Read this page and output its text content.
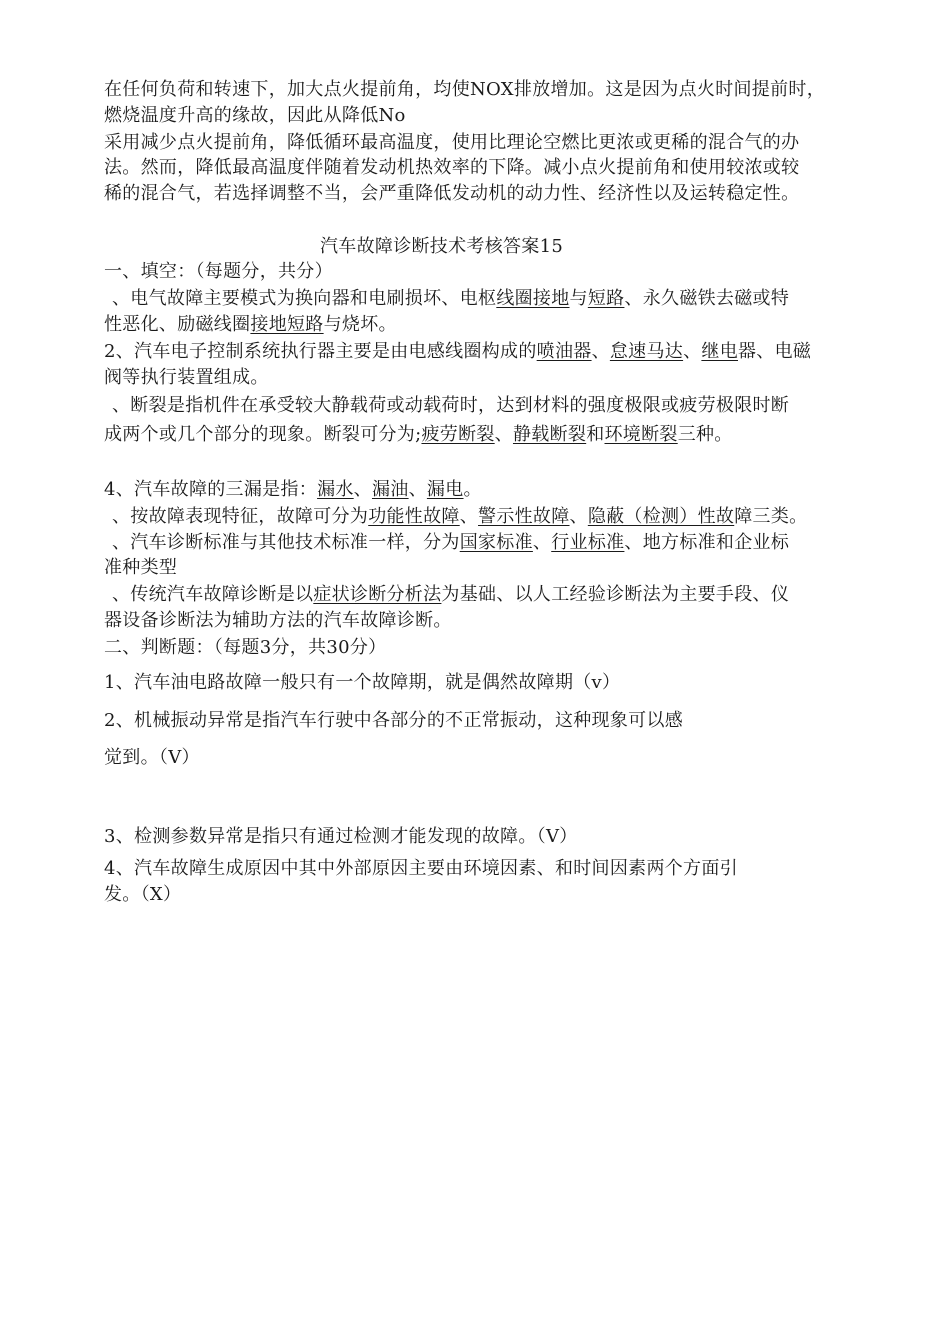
在任何负荷和转速下，加大点火提前角，均使NOX排放增加。这是因为点火时间提前时，
燃烧温度升高的缘故，因此从降低No
采用减少点火提前角，降低循环最高温度，使用比理论空燃比更浓或更稀的混合气的办
法。然而，降低最高温度伴随着发动机热效率的下降。减小点火提前角和使用较浓或较
稀的混合气，若选择调整不当，会严重降低发动机的动力性、经济性以及运转稳定性。
汽车故障诊断技术考核答案15
一、填空：（每题分，共分）
、电气故障主要模式为换向器和电刷损坏、电枢线圈接地与短路、永久磁铁去磁或特
性恶化、励磁线圈接地短路与烧坏。
2、汽车电子控制系统执行器主要是由电感线圈构成的喷油器、怠速马达、继电器、电磁
阀等执行装置组成。
、断裂是指机件在承受较大静载荷或动载荷时，达到材料的强度极限或疲劳极限时断
成两个或几个部分的现象。断裂可分为;疲劳断裂、静载断裂和环境断裂三种。
4、汽车故障的三漏是指：漏水、漏油、漏电。
、按故障表现特征，故障可分为功能性故障、警示性故障、隐蔽（检测）性故障三类。
、汽车诊断标准与其他技术标准一样，分为国家标准、行业标准、地方标准和企业标
准种类型
、传统汽车故障诊断是以症状诊断分析法为基础、以人工经验诊断法为主要手段、仪
器设备诊断法为辅助方法的汽车故障诊断。
二、判断题：（每题3分，共30分）
1、汽车油电路故障一般只有一个故障期，就是偶然故障期（v）
2、机械振动异常是指汽车行驶中各部分的不正常振动，这种现象可以感
觉到。（V）
3、检测参数异常是指只有通过检测才能发现的故障。（V）
4、汽车故障生成原因中其中外部原因主要由环境因素、和时间因素两个方面引
发。（X）
